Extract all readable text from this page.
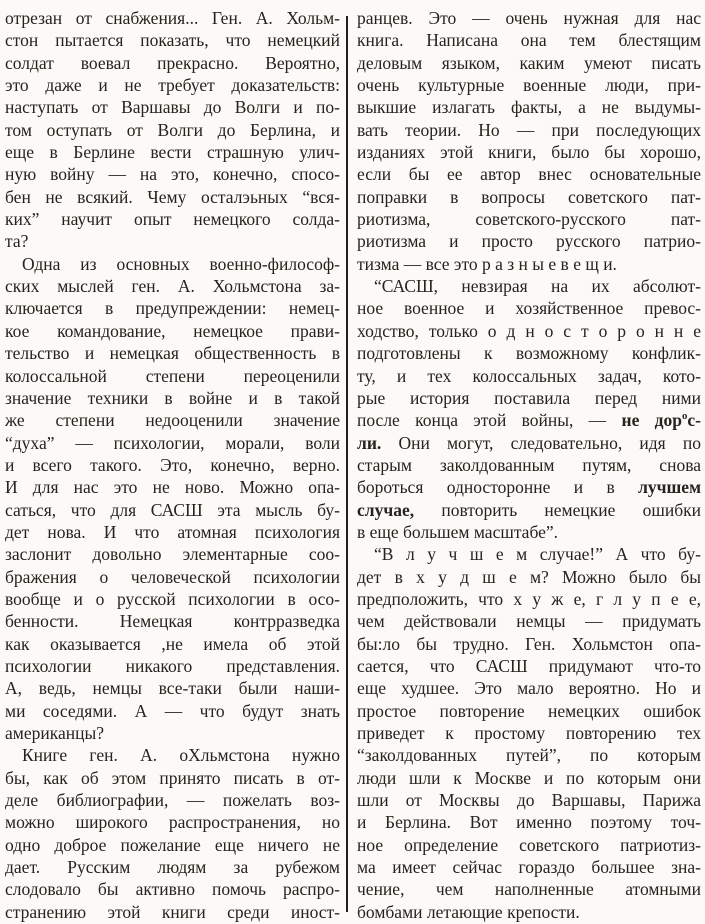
отрезан от снабжения... Ген. А. Хольм-
стон пытается показать, что немецкий
солдат воевал прекрасно. Вероятно,
это даже и не требует доказательств:
наступать от Варшавы до Волги и по-
том оступать от Волги до Берлина, и
еще в Берлине вести страшную улич-
ную войну — на это, конечно, спосо-
бен не всякий. Чему осталэьных “вся-
ких” научит опыт немецкого солда-
та?
Одна из основных военно-философ-
ских мыслей ген. А. Хольмстона за-
ключается в предупреждении: немец-
кое командование, немецкое прави-
тельство и немецкая общественность в
колоссальной степени переоценили
значение техники в войне и в такой
же степени недооценили значение
“духа” — психологии, морали, воли
и всего такого. Это, конечно, верно.
И для нас это не ново. Можно опа-
саться, что для САСШ эта мысль бу-
дет нова. И что атомная психология
заслонит довольно элементарные соо-
бражения о человеческой психологии
вообще и о русской психологии в осо-
бенности. Немецкая контрразведка
как оказывается ,не имела об этой
психологии никакого представления.
А, ведь, немцы все-таки были наши-
ми соседями. А — что будут знать
американцы?
Книге ген. А. оХльмстона нужно
бы, как об этом принято писать в от-
деле библиографии, — пожелать воз-
можно широкого распространения, но
одно доброе пожелание еще ничего не
дает. Русским людям за рубежом
слодовало бы активно помочь распро-
странению этой книги среди иност-
ранцев. Это — очень нужная для нас
книга. Написана она тем блестящим
деловым языком, каким умеют писать
очень культурные военные люди, при-
выкшие излагать факты, а не выдумы-
вать теории. Но — при последующих
изданиях этой книги, было бы хорошо,
если бы ее автор внес основательные
поправки в вопросы советского пат-
риотизма, советского-русского пат-
риотизма и просто русского патрио-
тизма — все это р а з н ы е в е щ и.
“САСШ, невзирая на их абсолют-
ное военное и хозяйственное превос-
ходство, только о д н о с т о р о н н е
подготовлены к возможному конфлик-
ту, и тех колоссальных задач, кото-
рые история поставила перед ними
после конца этой войны, — не дор$^о$с-
ли. Они могут, следовательно, идя по
старым заколдованным путям, снова
бороться односторонне и в лучшем
случае, повторить немецкие ошибки
в еще большем масштабе”.
“В л у ч ш е м случае!” А что бу-
дет в х у д ш е м? Можно было бы
предположить, что х у ж е, г л у п е е,
чем действовали немцы — придумать
бы:ло бы трудно. Ген. Хольмстон опа-
сается, что САСШ придумают что-то
еще худшее. Это мало вероятно. Но и
простое повторение немецких ошибок
приведет к простому повторению тех
“заколдованных путей”, по которым
люди шли к Москве и по которым они
шли от Москвы до Варшавы, Парижа
и Берлина. Вот именно поэтому точ-
ное определение советского патриотиз-
ма имеет сейчас гораздо большее зна-
чение, чем наполненные атомными
бомбами летающие крепости.
